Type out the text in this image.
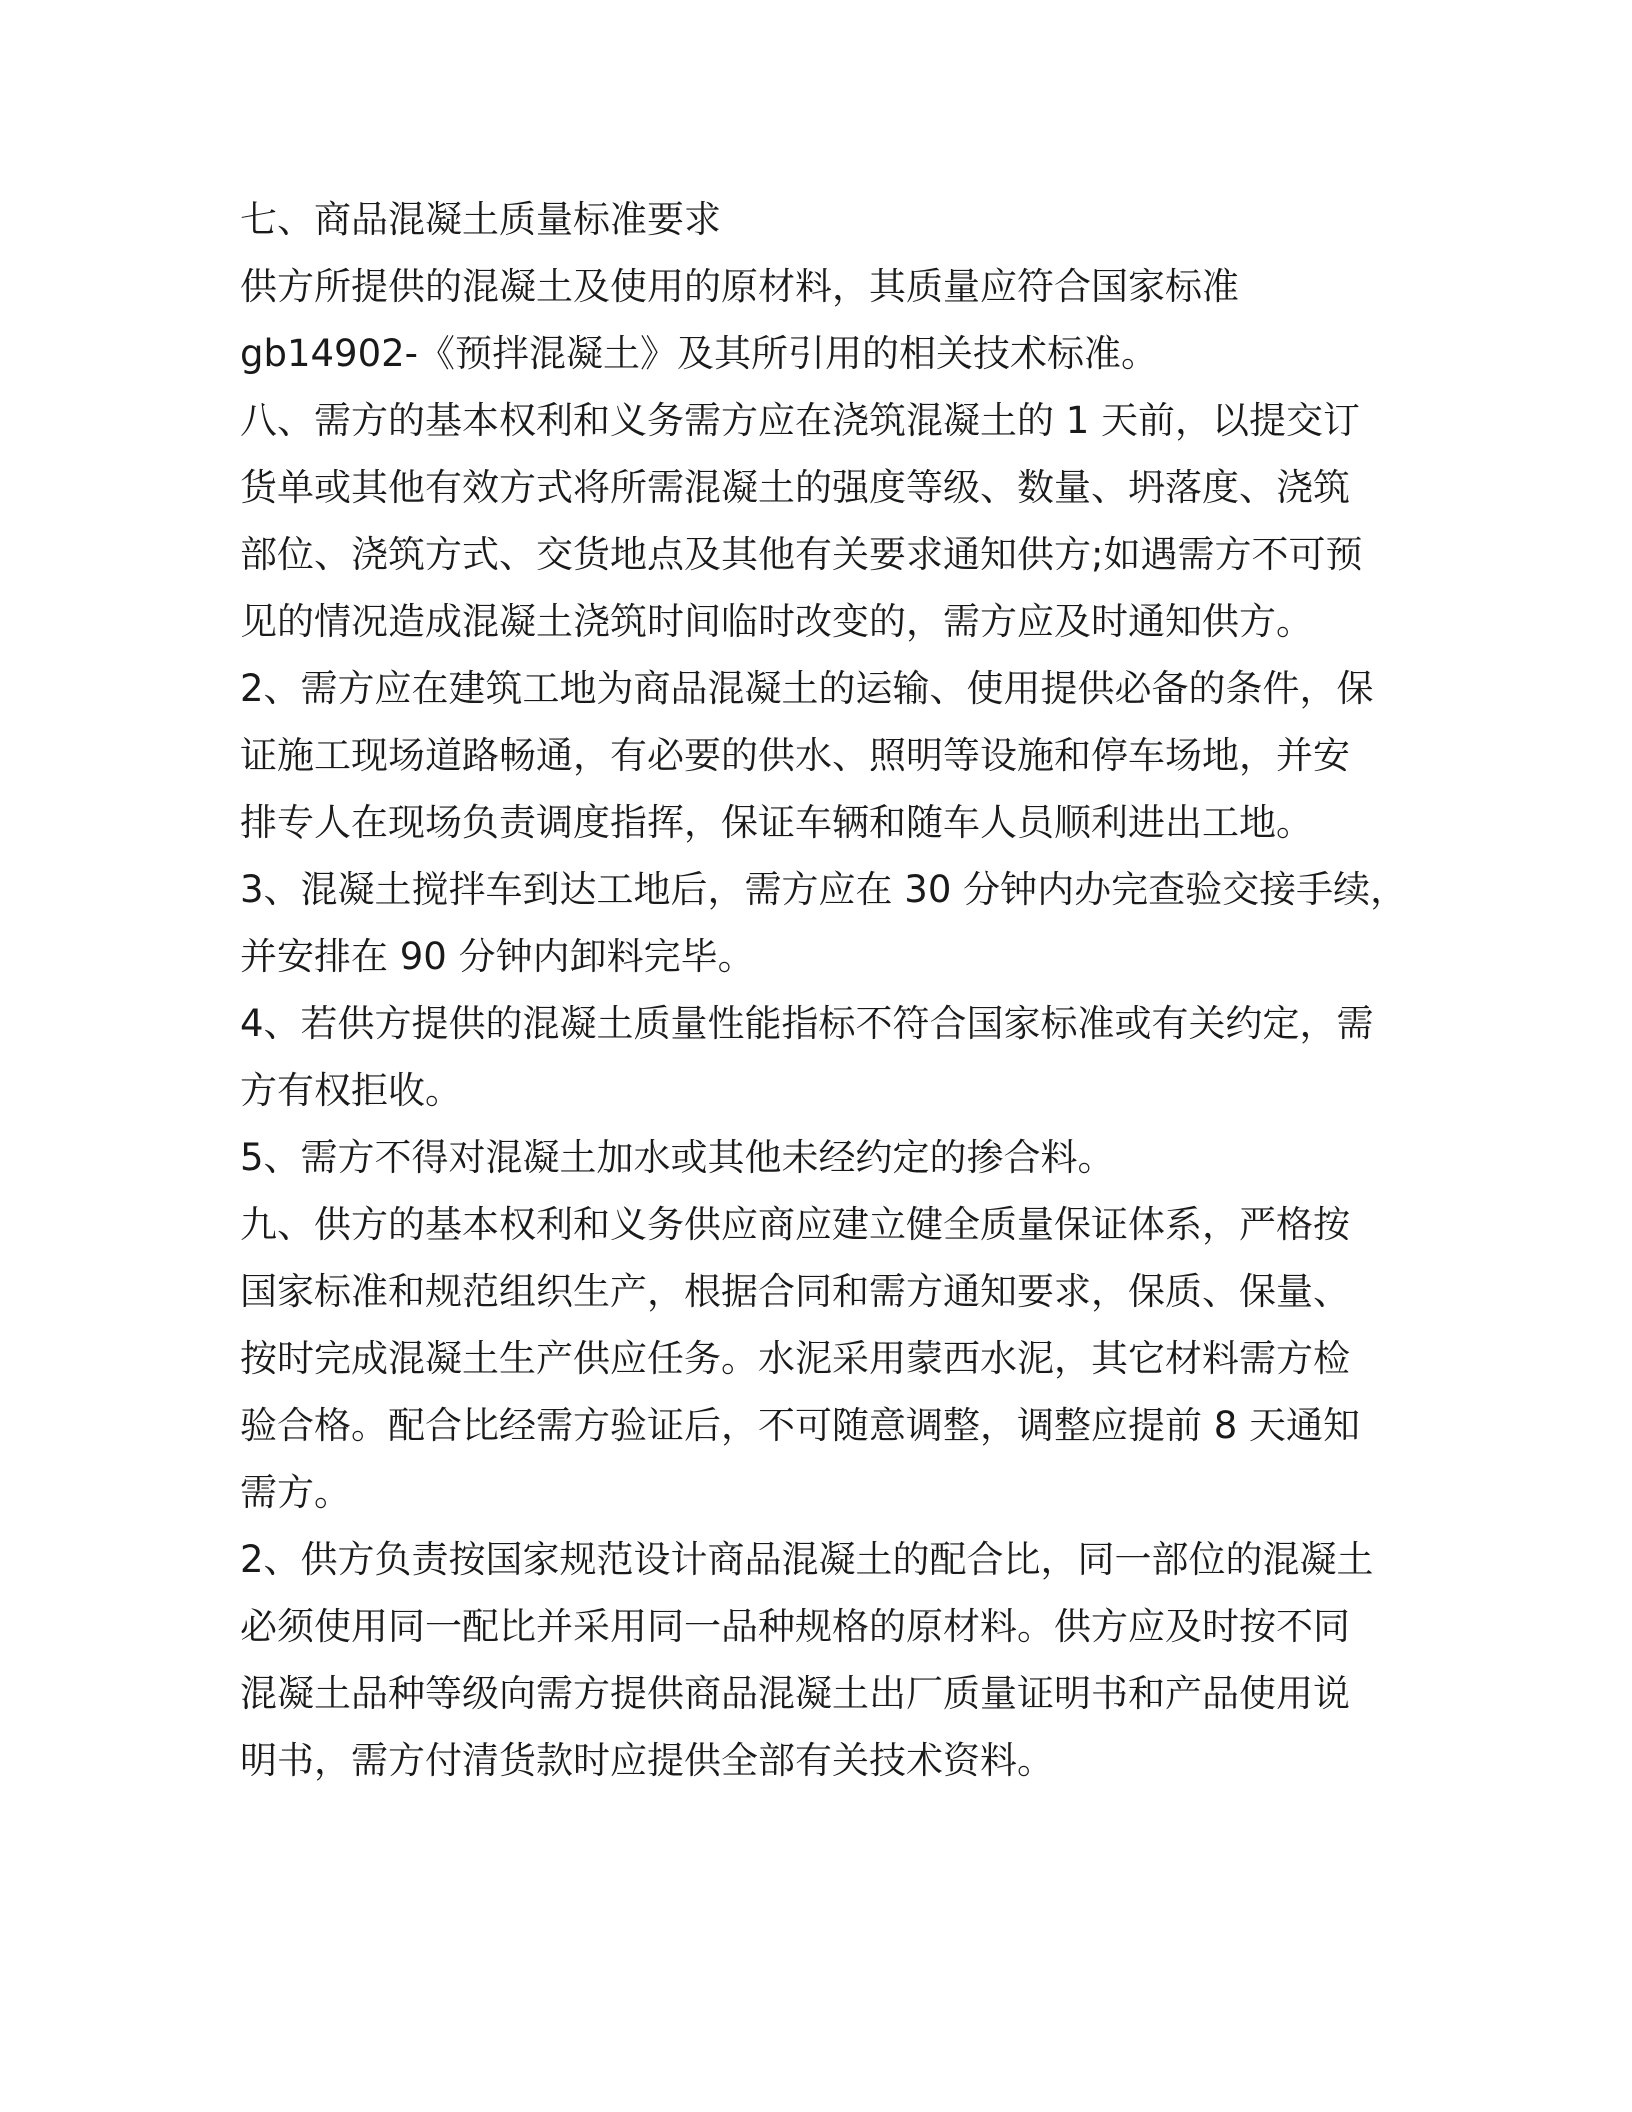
七、商品混凝土质量标准要求
供方所提供的混凝土及使用的原材料，其质量应符合国家标准
gb14902-《预拌混凝土》及其所引用的相关技术标准。
八、需方的基本权利和义务需方应在浇筑混凝土的 1 天前，以提交订
货单或其他有效方式将所需混凝土的强度等级、数量、坍落度、浇筑
部位、浇筑方式、交货地点及其他有关要求通知供方;如遇需方不可预
见的情况造成混凝土浇筑时间临时改变的，需方应及时通知供方。
2、需方应在建筑工地为商品混凝土的运输、使用提供必备的条件，保
证施工现场道路畅通，有必要的供水、照明等设施和停车场地，并安
排专人在现场负责调度指挥，保证车辆和随车人员顺利进出工地。
3、混凝土搅拌车到达工地后，需方应在 30 分钟内办完查验交接手续，
并安排在 90 分钟内卸料完毕。
4、若供方提供的混凝土质量性能指标不符合国家标准或有关约定，需
方有权拒收。
5、需方不得对混凝土加水或其他未经约定的掺合料。
九、供方的基本权利和义务供应商应建立健全质量保证体系，严格按
国家标准和规范组织生产，根据合同和需方通知要求，保质、保量、
按时完成混凝土生产供应任务。水泥采用蒙西水泥，其它材料需方检
验合格。配合比经需方验证后，不可随意调整，调整应提前 8 天通知
需方。
2、供方负责按国家规范设计商品混凝土的配合比，同一部位的混凝土
必须使用同一配比并采用同一品种规格的原材料。供方应及时按不同
混凝土品种等级向需方提供商品混凝土出厂质量证明书和产品使用说
明书，需方付清货款时应提供全部有关技术资料。
